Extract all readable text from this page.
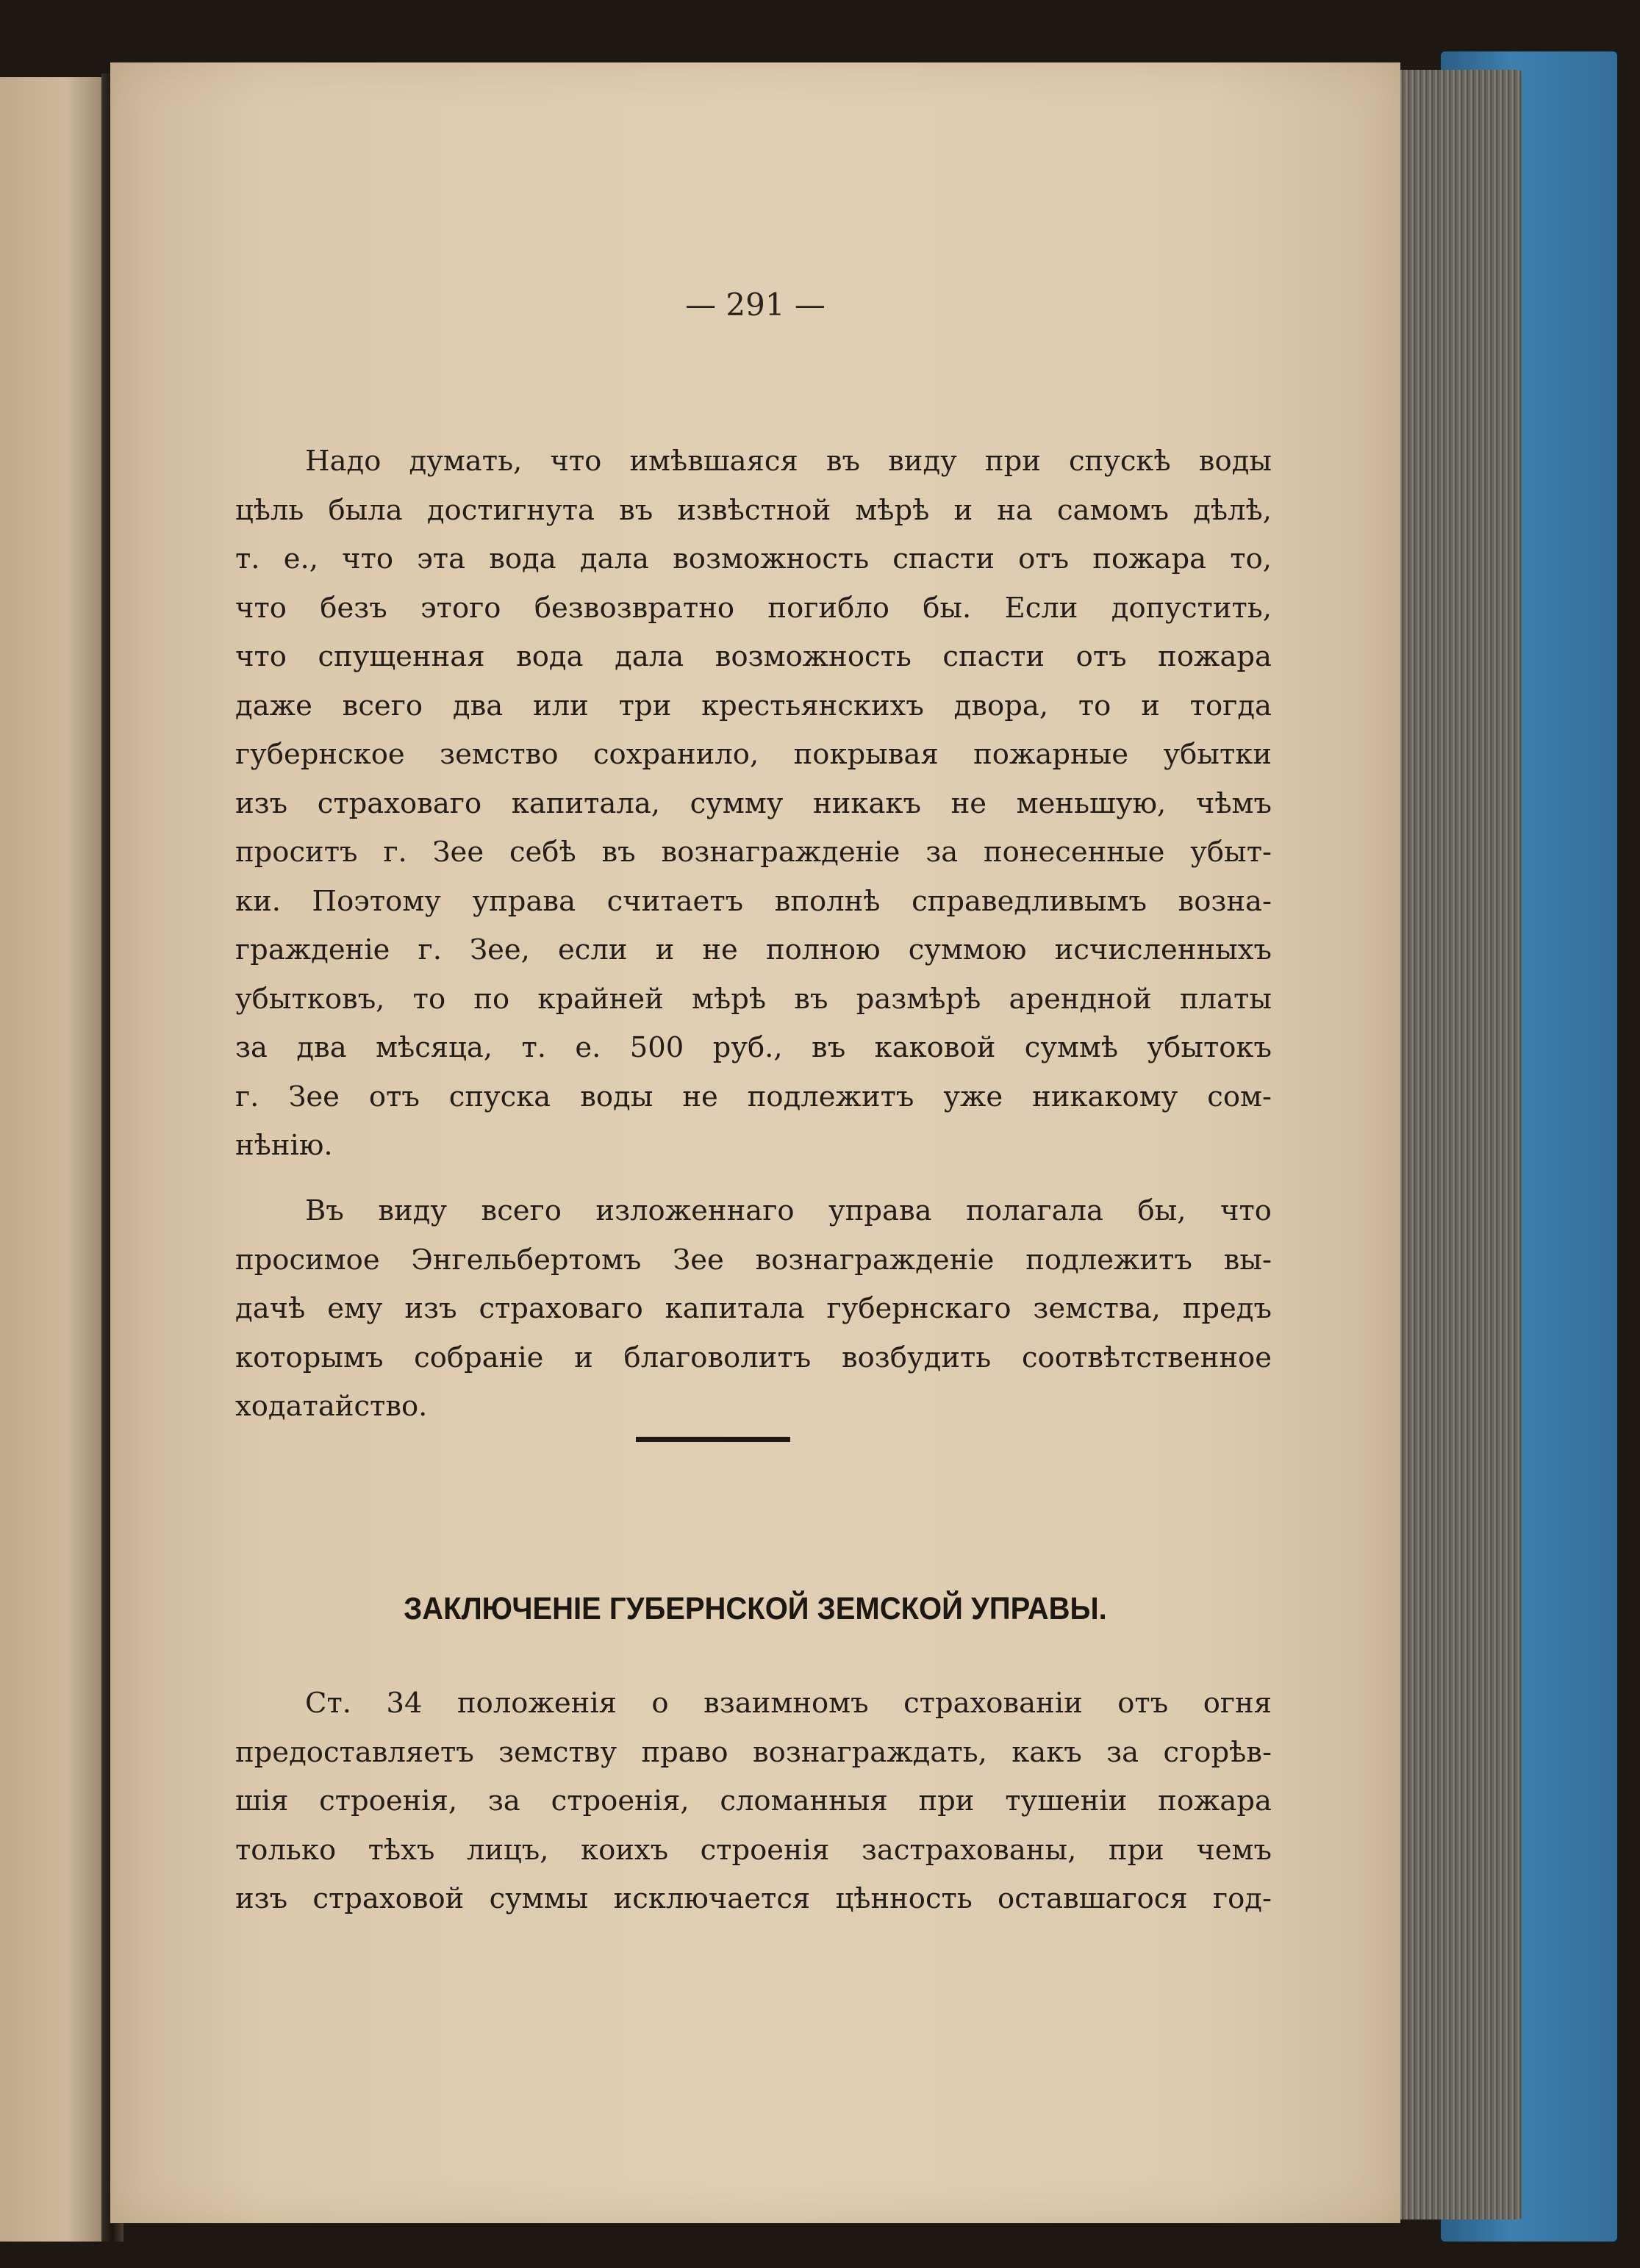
— 291 —
Надо думать, что имѣвшаяся въ виду при спускѣ воды
цѣль была достигнута въ извѣстной мѣрѣ и на самомъ дѣлѣ,
т. е., что эта вода дала возможность спасти отъ пожара то,
что безъ этого безвозвратно погибло бы. Если допустить,
что спущенная вода дала возможность спасти отъ пожара
даже всего два или три крестьянскихъ двора, то и тогда
губернское земство сохранило, покрывая пожарные убытки
изъ страховаго капитала, сумму никакъ не меньшую, чѣмъ
проситъ г. Зее себѣ въ вознагражденіе за понесенные убыт-
ки. Поэтому управа считаетъ вполнѣ справедливымъ возна-
гражденіе г. Зее, если и не полною суммою исчисленныхъ
убытковъ, то по крайней мѣрѣ въ размѣрѣ арендной платы
за два мѣсяца, т. е. 500 руб., въ каковой суммѣ убытокъ
г. Зее отъ спуска воды не подлежитъ уже никакому сом-
нѣнію.
Въ виду всего изложеннаго управа полагала бы, что
просимое Энгельбертомъ Зее вознагражденіе подлежитъ вы-
дачѣ ему изъ страховаго капитала губернскаго земства, предъ
которымъ собраніе и благоволитъ возбудить соотвѣтственное
ходатайство.
ЗАКЛЮЧЕНІЕ ГУБЕРНСКОЙ ЗЕМСКОЙ УПРАВЫ.
Ст. 34 положенія о взаимномъ страхованіи отъ огня
предоставляетъ земству право вознаграждать, какъ за сгорѣв-
шія строенія, за строенія, сломанныя при тушеніи пожара
только тѣхъ лицъ, коихъ строенія застрахованы, при чемъ
изъ страховой суммы исключается цѣнность оставшагося год-
